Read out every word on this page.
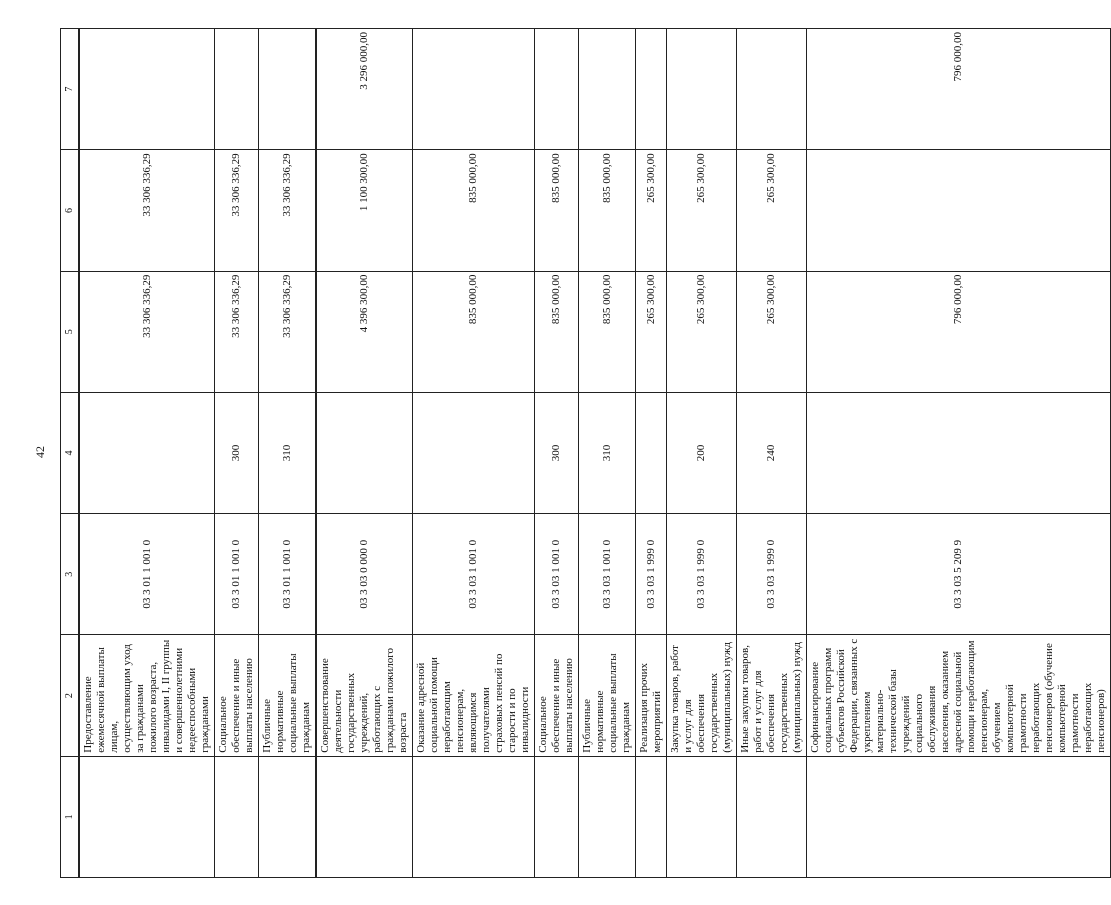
42
1	2	3	4	5	6	7
	Предоставление ежемесячной выплаты лицам, осуществляющим уход за гражданами пожилого возраста, инвалидами I, II группы и совершеннолетними недееспособными гражданами	03 3 01 1 001 0		33 306 336,29	33 306 336,29	
	Социальное обеспечение и иные выплаты населению	03 3 01 1 001 0	300	33 306 336,29	33 306 336,29	
	Публичные нормативные социальные выплаты гражданам	03 3 01 1 001 0	310	33 306 336,29	33 306 336,29	
	Совершенствование деятельности государственных учреждений, работающих с гражданами пожилого возраста	03 3 03 0 000 0		4 396 300,00	1 100 300,00	3 296 000,00
	Оказание адресной социальной помощи неработающим пенсионерам, являющимся получателями страховых пенсий по старости и по инвалидности	03 3 03 1 001 0		835 000,00	835 000,00	
	Социальное обеспечение и иные выплаты населению	03 3 03 1 001 0	300	835 000,00	835 000,00	
	Публичные нормативные социальные выплаты гражданам	03 3 03 1 001 0	310	835 000,00	835 000,00	
	Реализация прочих мероприятий	03 3 03 1 999 0		265 300,00	265 300,00	
	Закупка товаров, работ и услуг для обеспечения государственных (муниципальных) нужд	03 3 03 1 999 0	200	265 300,00	265 300,00	
	Иные закупки товаров, работ и услуг для обеспечения государственных (муниципальных) нужд	03 3 03 1 999 0	240	265 300,00	265 300,00	
	Софинансирование социальных программ субъектов Российской Федерации, связанных с укреплением материально-технической базы учреждений социального обслуживания населения, оказанием адресной социальной помощи неработающим пенсионерам, обучением компьютерной грамотности неработающих пенсионеров (обучение компьютерной грамотности неработающих пенсионеров)	03 3 03 5 209 9		796 000,00		796 000,00
